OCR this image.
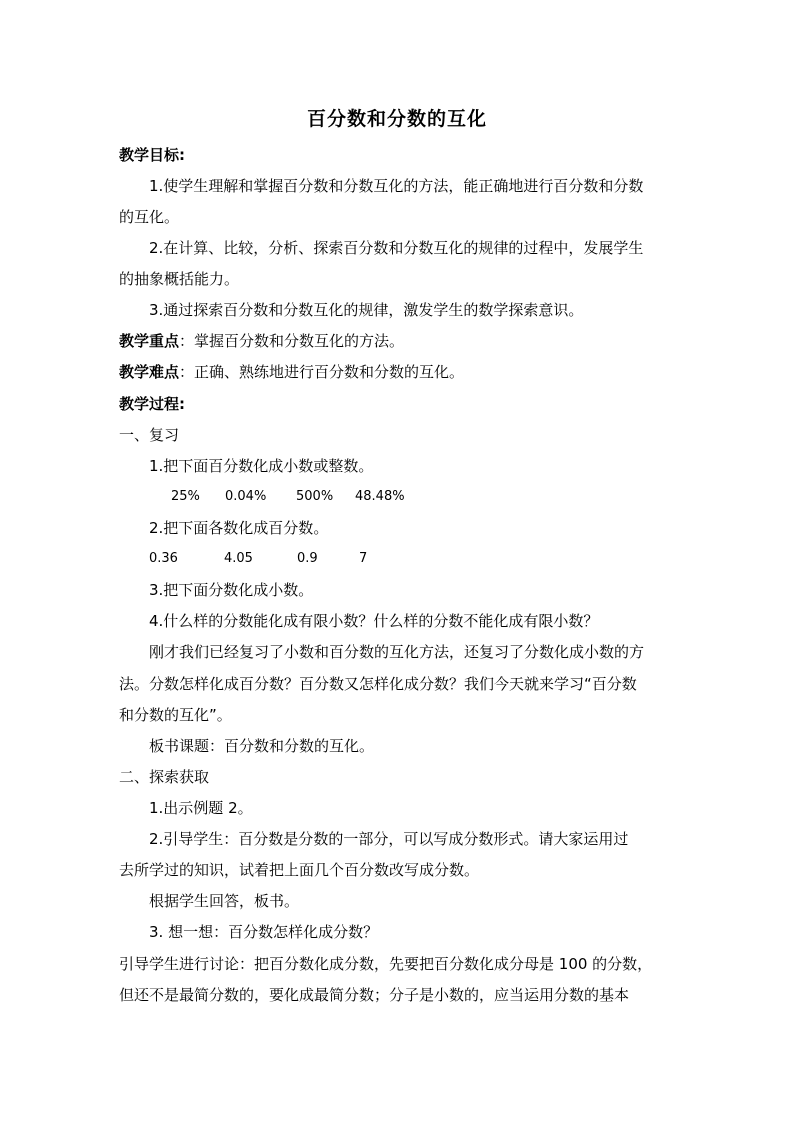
百分数和分数的互化
教学目标:
1.使学生理解和掌握百分数和分数互化的方法，能正确地进行百分数和分数
的互化。
2.在计算、比较，分析、探索百分数和分数互化的规律的过程中，发展学生
的抽象概括能力。
3.通过探索百分数和分数互化的规律，激发学生的数学探索意识。
教学重点：掌握百分数和分数互化的方法。
教学难点：正确、熟练地进行百分数和分数的互化。
教学过程:
一、复习
1.把下面百分数化成小数或整数。
25% 0.04% 500% 48.48%
2.把下面各数化成百分数。
0.36	4.05	0.9	7
3.把下面分数化成小数。
4.什么样的分数能化成有限小数？什么样的分数不能化成有限小数？
刚才我们已经复习了小数和百分数的互化方法，还复习了分数化成小数的方
法。分数怎样化成百分数？百分数又怎样化成分数？我们今天就来学习“百分数
和分数的互化”。
板书课题：百分数和分数的互化。
二、探索获取
1.出示例题 2。
2.引导学生：百分数是分数的一部分，可以写成分数形式。请大家运用过
去所学过的知识，试着把上面几个百分数改写成分数。
根据学生回答，板书。
3. 想一想：百分数怎样化成分数？
引导学生进行讨论：把百分数化成分数，先要把百分数化成分母是 100 的分数，
但还不是最简分数的，要化成最简分数；分子是小数的，应当运用分数的基本
